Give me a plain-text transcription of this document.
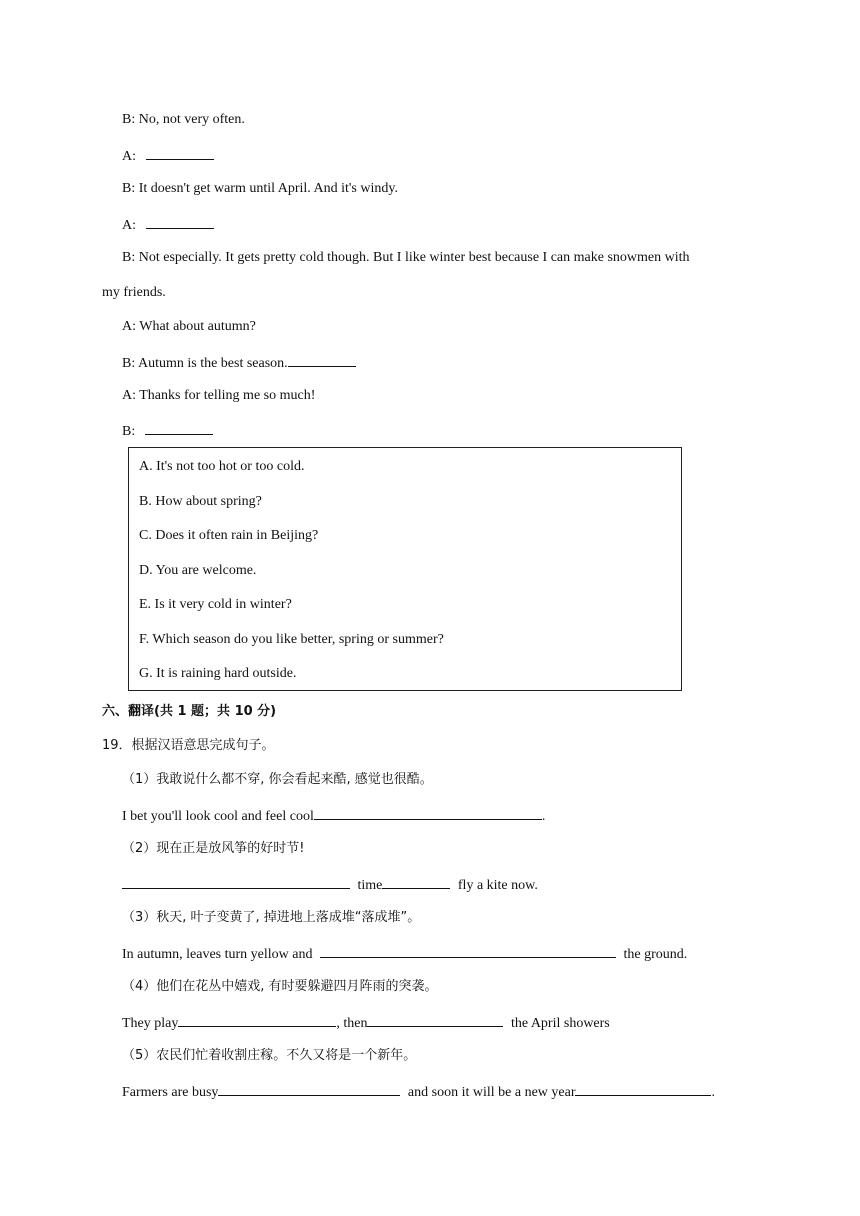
B: No, not very often.
A:
B: It doesn't get warm until April. And it's windy.
A:
B: Not especially. It gets pretty cold though. But I like winter best because I can make snowmen with
my friends.
A: What about autumn?
B: Autumn is the best season.
A: Thanks for telling me so much!
B:
A. It's not too hot or too cold.
B. How about spring?
C. Does it often rain in Beijing?
D. You are welcome.
E. Is it very cold in winter?
F. Which season do you like better, spring or summer?
G. It is raining hard outside.
六、翻译(共 1 题；共 10 分)
19．根据汉语意思完成句子。
（1）我敢说什么都不穿, 你会看起来酷, 感觉也很酷。
I bet you'll look cool and feel cool	.
（2）现在正是放风筝的好时节!
time	fly a kite now.
（3）秋天, 叶子变黄了, 掉进地上落成堆“落成堆”。
In autumn, leaves turn yellow and	the ground.
（4）他们在花丛中嬉戏, 有时要躲避四月阵雨的突袭。
They play	, then	the April showers
（5）农民们忙着收割庄稼。不久又将是一个新年。
Farmers are busy	and soon it will be a new year	.
